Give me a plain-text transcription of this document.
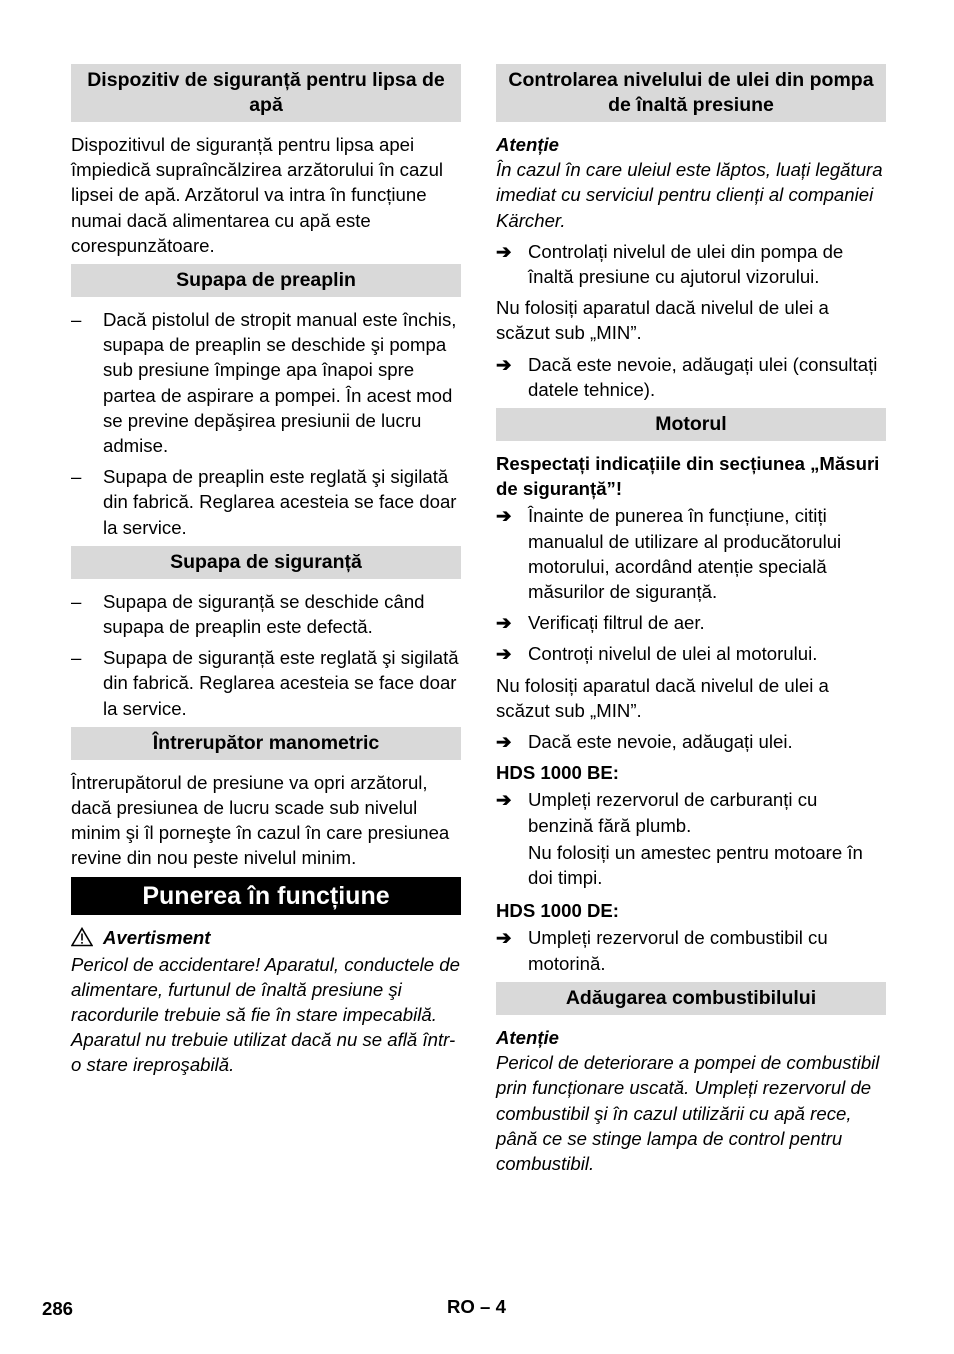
Dispozitiv de siguranță pentru lipsa de apă

Dispozitivul de siguranță pentru lipsa apei împiedică supraîncălzirea arzătorului în cazul lipsei de apă. Arzătorul va intra în funcțiune numai dacă alimentarea cu apă este corespunzătoare.

Supapa de preaplin
–	Dacă pistolul de stropit manual este închis, supapa de preaplin se deschide şi pompa sub presiune împinge apa înapoi spre partea de aspirare a pompei. În acest mod se previne depăşirea presiunii de lucru admise.
–	Supapa de preaplin este reglată şi sigilată din fabrică. Reglarea acesteia se face doar la service.
Supapa de siguranță
–	Supapa de siguranță se deschide când supapa de preaplin este defectă.
–	Supapa de siguranță este reglată şi sigilată din fabrică. Reglarea acesteia se face doar la service.
Întrerupător manometric

Întrerupătorul de presiune va opri arzătorul, dacă presiunea de lucru scade sub nivelul minim şi îl porneşte în cazul în care presiunea revine din nou peste nivelul minim.

Punerea în funcțiune
Avertisment

Pericol de accidentare! Aparatul, conductele de alimentare, furtunul de înaltă presiune şi racordurile trebuie să fie în stare impecabilă. Aparatul nu trebuie utilizat dacă nu se află într-o stare ireproşabilă.

Controlarea nivelului de ulei din pompa de înaltă presiune

Atenție

În cazul în care uleiul este lăptos, luați legătura imediat cu serviciul pentru clienți al companiei Kärcher.

➔ Controlați nivelul de ulei din pompa de înaltă presiune cu ajutorul vizorului.

Nu folosiți aparatul dacă nivelul de ulei a scăzut sub „MIN”.

➔ Dacă este nevoie, adăugați ulei (consultați datele tehnice).
Motorul

Respectați indicațiile din secțiunea „Măsuri de siguranță”!

➔ Înainte de punerea în funcțiune, citiți manualul de utilizare al producătorului motorului, acordând atenție specială măsurilor de siguranță.
➔ Verificați filtrul de aer.
➔ Controți nivelul de ulei al motorului.

Nu folosiți aparatul dacă nivelul de ulei a scăzut sub „MIN”.

➔ Dacă este nevoie, adăugați ulei.

HDS 1000 BE:

➔ Umpleți rezervorul de carburanți cu benzină fără plumb.

Nu folosiți un amestec pentru motoare în doi timpi.

HDS 1000 DE:

➔ Umpleți rezervorul de combustibil cu motorină.
Adăugarea combustibilului

Atenție

Pericol de deteriorare a pompei de combustibil prin funcționare uscată. Umpleți rezervorul de combustibil şi în cazul utilizării cu apă rece, până ce se stinge lampa de control pentru combustibil.

286	RO – 4
